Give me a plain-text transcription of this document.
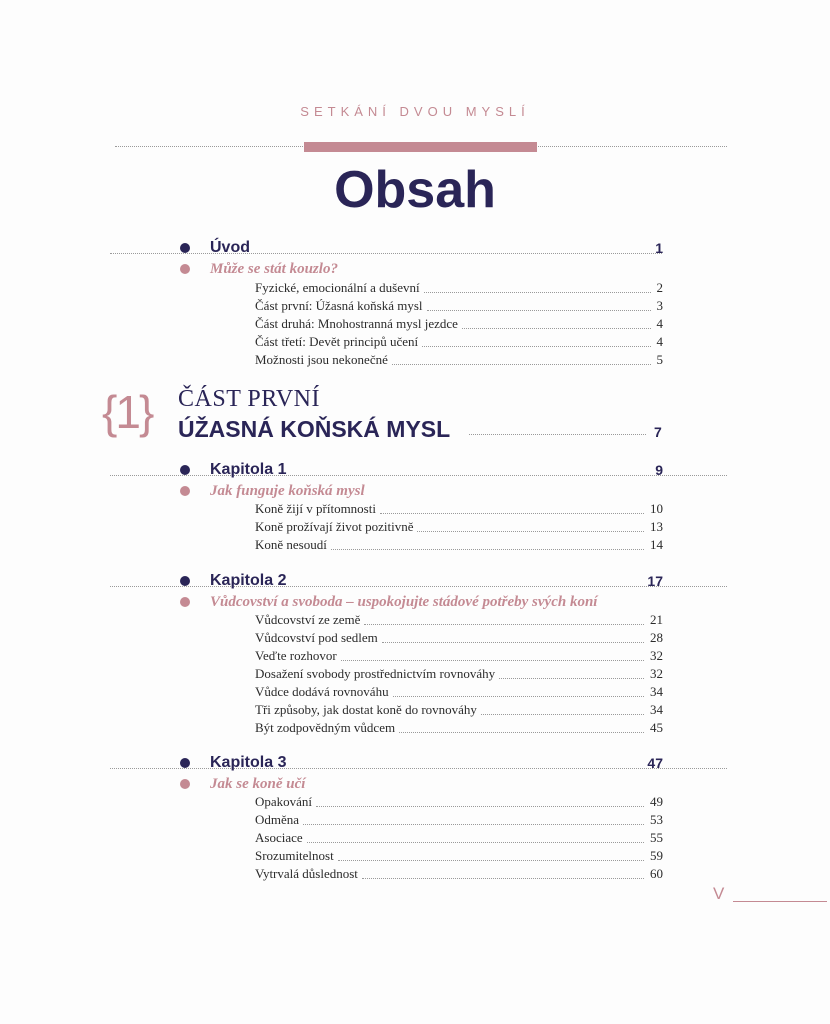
SETKÁNÍ DVOU MYSLÍ
Obsah
Úvod	1
Může se stát kouzlo?
Fyzické, emocionální a duševní	2
Část první: Úžasná koňská mysl	3
Část druhá: Mnohostranná mysl jezdce	4
Část třetí: Devět principů učení	4
Možnosti jsou nekonečné	5
{1} ČÁST PRVNÍ
ÚŽASNÁ KOŇSKÁ MYSL	7
Kapitola 1	9
Jak funguje koňská mysl
Koně žijí v přítomnosti	10
Koně prožívají život pozitivně	13
Koně nesoudí	14
Kapitola 2	17
Vůdcovství a svoboda – uspokojujte stádové potřeby svých koní
Vůdcovství ze země	21
Vůdcovství pod sedlem	28
Veďte rozhovor	32
Dosažení svobody prostřednictvím rovnováhy	32
Vůdce dodává rovnováhu	34
Tři způsoby, jak dostat koně do rovnováhy	34
Být zodpovědným vůdcem	45
Kapitola 3	47
Jak se koně učí
Opakování	49
Odměna	53
Asociace	55
Srozumitelnost	59
Vytrvalá důslednost	60
V
